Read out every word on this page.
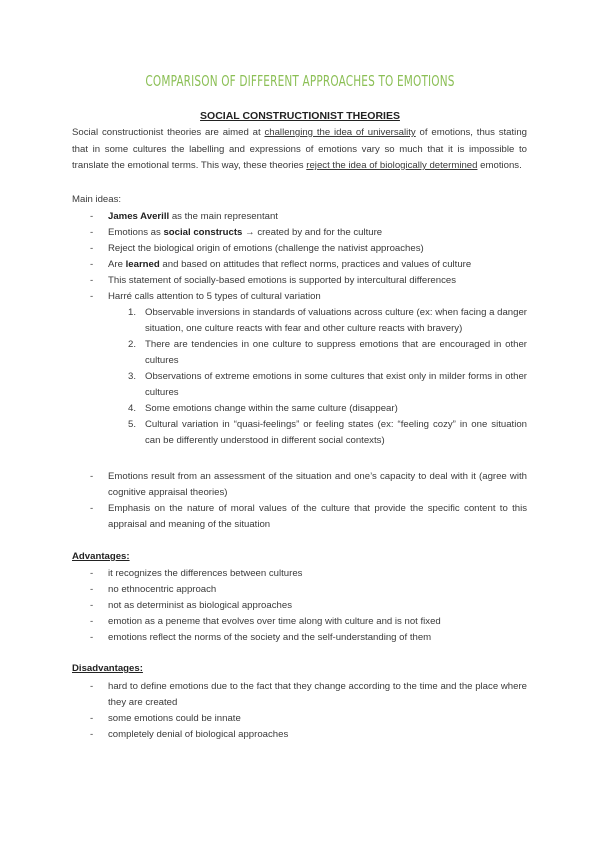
COMPARISON OF DIFFERENT APPROACHES TO EMOTIONS
SOCIAL CONSTRUCTIONIST THEORIES
Social constructionist theories are aimed at challenging the idea of universality of emotions, thus stating that in some cultures the labelling and expressions of emotions vary so much that it is impossible to translate the emotional terms. This way, these theories reject the idea of biologically determined emotions.
Main ideas:
- James Averill as the main representant
- Emotions as social constructs → created by and for the culture
- Reject the biological origin of emotions (challenge the nativist approaches)
- Are learned and based on attitudes that reflect norms, practices and values of culture
- This statement of socially-based emotions is supported by intercultural differences
- Harré calls attention to 5 types of cultural variation
1. Observable inversions in standards of valuations across culture (ex: when facing a danger situation, one culture reacts with fear and other culture reacts with bravery)
2. There are tendencies in one culture to suppress emotions that are encouraged in other cultures
3. Observations of extreme emotions in some cultures that exist only in milder forms in other cultures
4. Some emotions change within the same culture (disappear)
5. Cultural variation in “quasi-feelings” or feeling states (ex: “feeling cozy” in one situation can be differently understood in different social contexts)
- Emotions result from an assessment of the situation and one’s capacity to deal with it (agree with cognitive appraisal theories)
- Emphasis on the nature of moral values of the culture that provide the specific content to this appraisal and meaning of the situation
Advantages:
- it recognizes the differences between cultures
- no ethnocentric approach
- not as determinist as biological approaches
- emotion as a peneme that evolves over time along with culture and is not fixed
- emotions reflect the norms of the society and the self-understanding of them
Disadvantages:
- hard to define emotions due to the fact that they change according to the time and the place where they are created
- some emotions could be innate
- completely denial of biological approaches
